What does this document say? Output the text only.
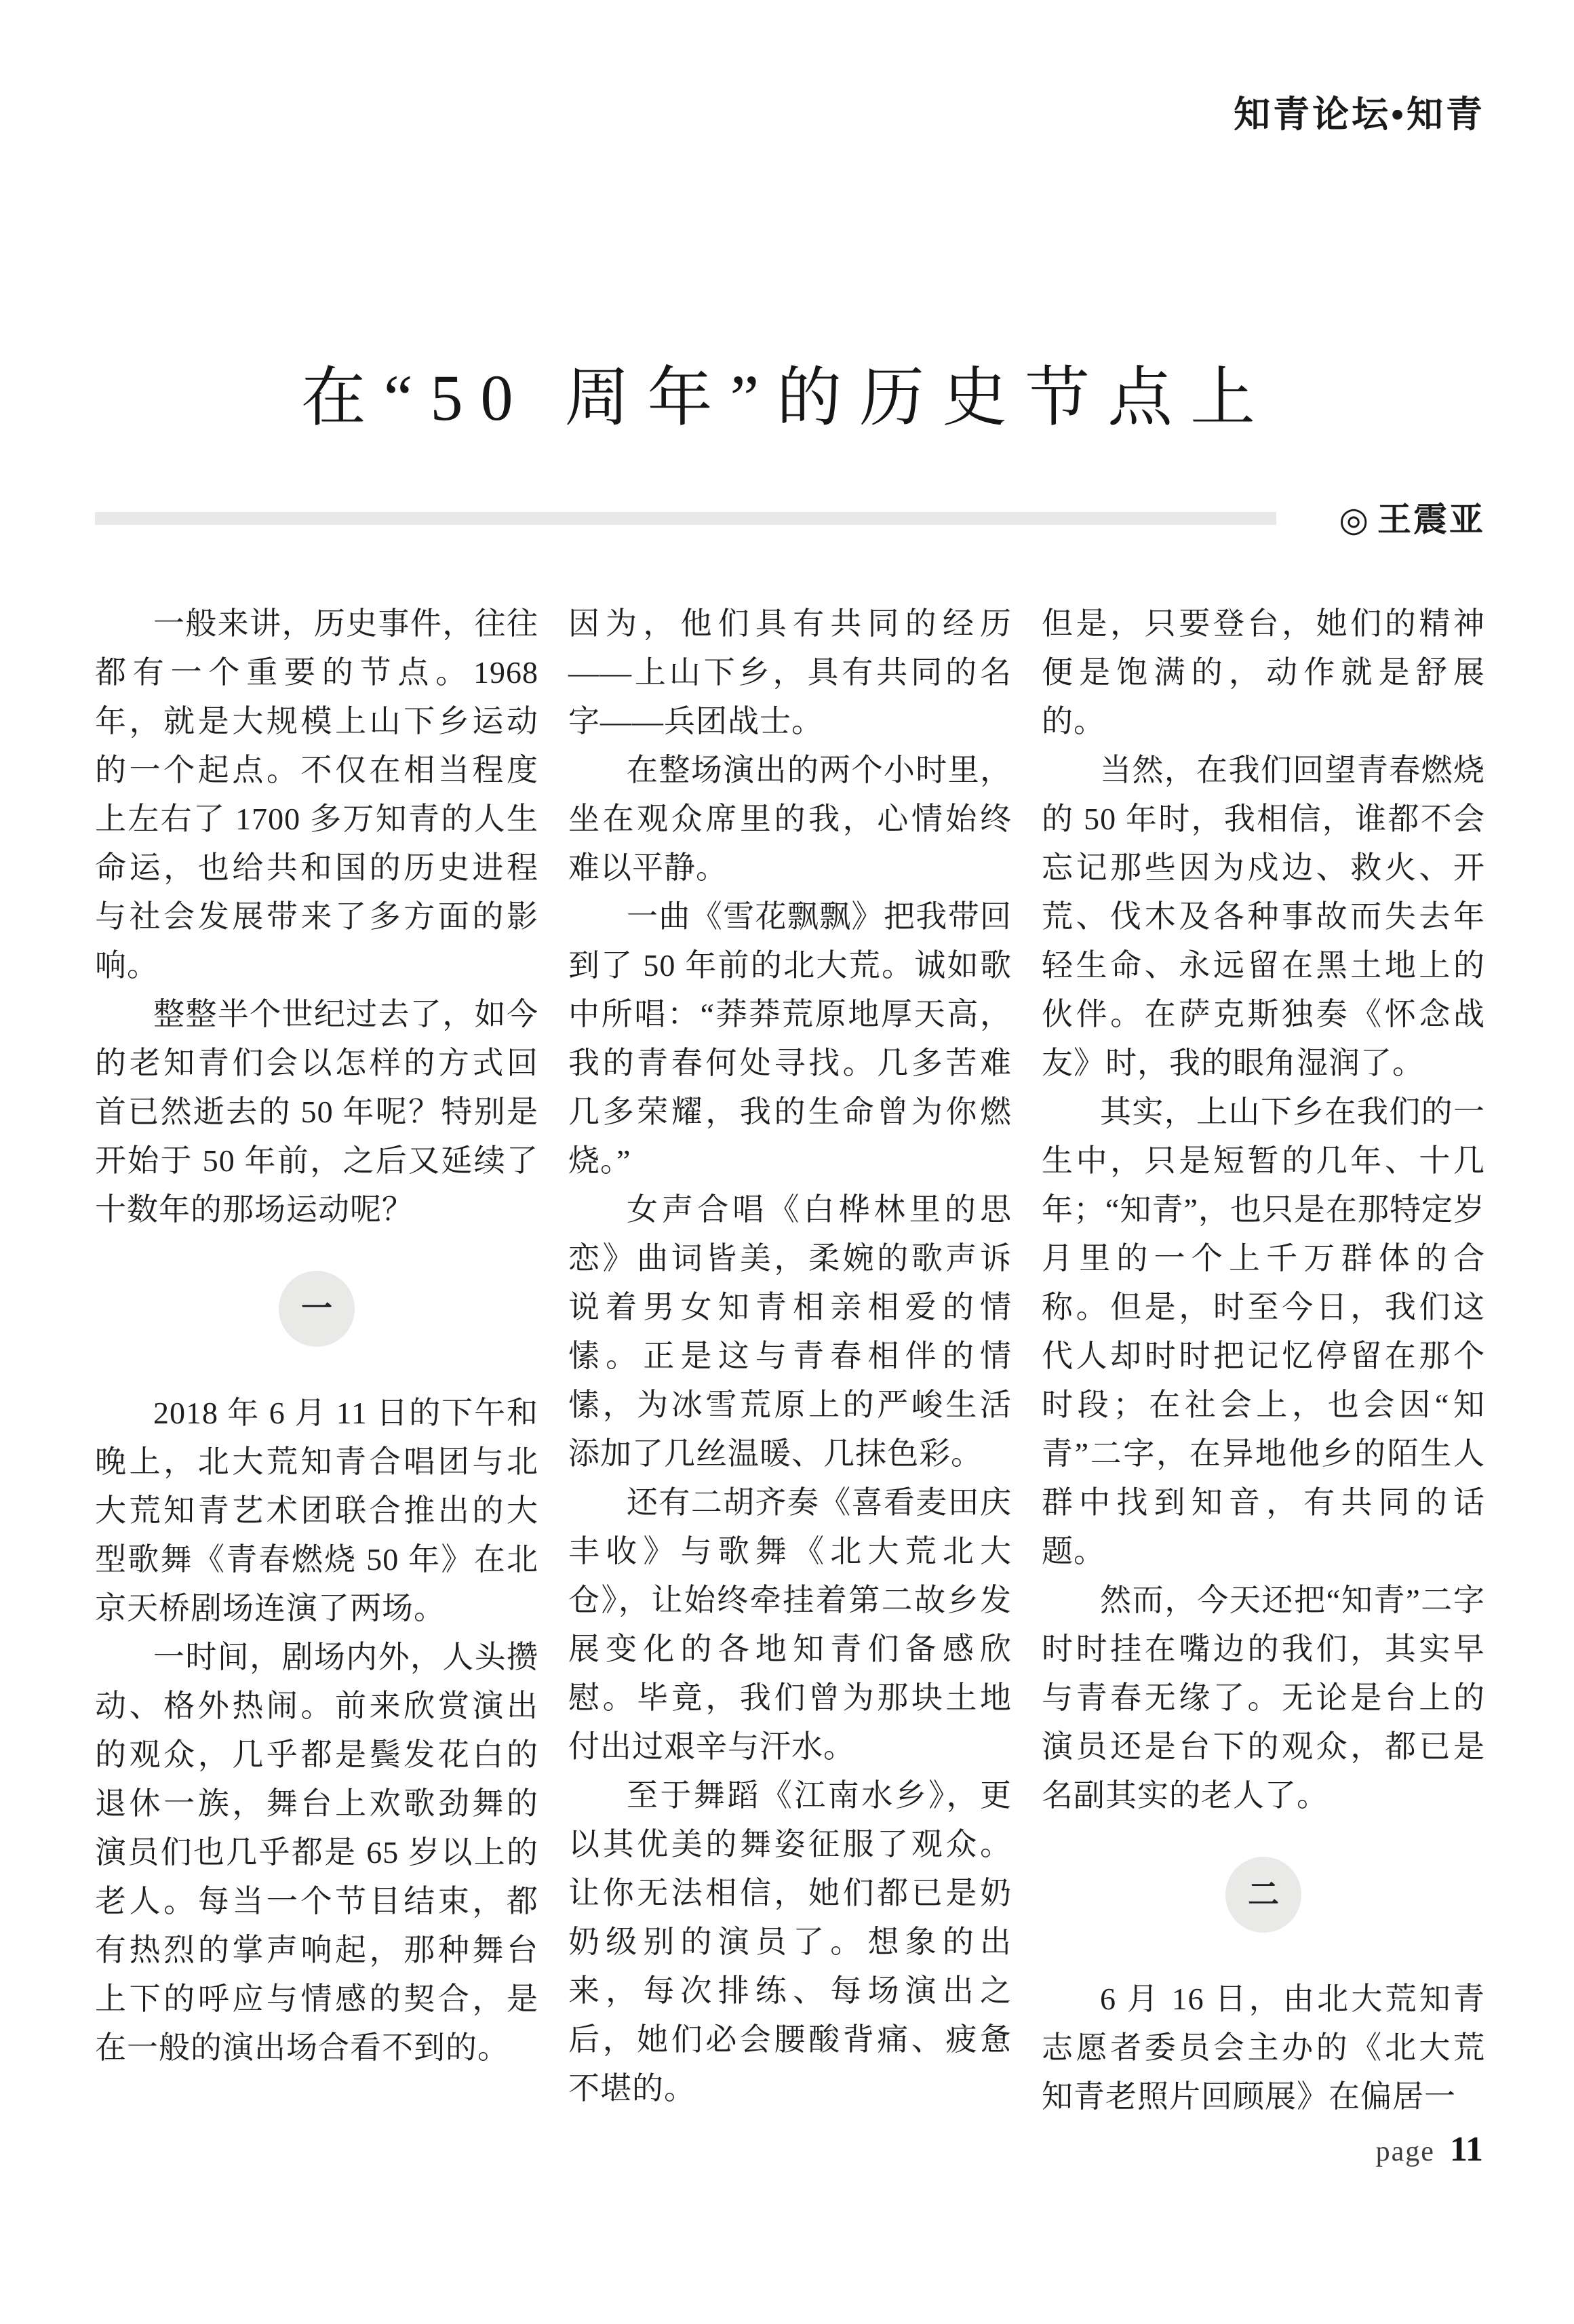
知青论坛•知青
在“50 周年”的历史节点上
◎ 王震亚

一般来讲，历史事件，往往都有一个重要的节点。1968 年，就是大规模上山下乡运动的一个起点。不仅在相当程度上左右了 1700 多万知青的人生命运，也给共和国的历史进程与社会发展带来了多方面的影响。

整整半个世纪过去了，如今的老知青们会以怎样的方式回首已然逝去的 50 年呢？特别是开始于 50 年前，之后又延续了十数年的那场运动呢？

一

2018 年 6 月 11 日的下午和晚上，北大荒知青合唱团与北大荒知青艺术团联合推出的大型歌舞《青春燃烧 50 年》在北京天桥剧场连演了两场。

一时间，剧场内外，人头攒动、格外热闹。前来欣赏演出的观众，几乎都是鬓发花白的退休一族，舞台上欢歌劲舞的演员们也几乎都是 65 岁以上的老人。每当一个节目结束，都有热烈的掌声响起，那种舞台上下的呼应与情感的契合，是在一般的演出场合看不到的。

因为，他们具有共同的经历——上山下乡，具有共同的名字——兵团战士。

在整场演出的两个小时里，坐在观众席里的我，心情始终难以平静。

一曲《雪花飘飘》把我带回到了 50 年前的北大荒。诚如歌中所唱：“莽莽荒原地厚天高，我的青春何处寻找。几多苦难几多荣耀，我的生命曾为你燃烧。”

女声合唱《白桦林里的思恋》曲词皆美，柔婉的歌声诉说着男女知青相亲相爱的情愫。正是这与青春相伴的情愫，为冰雪荒原上的严峻生活添加了几丝温暖、几抹色彩。

还有二胡齐奏《喜看麦田庆丰收》与歌舞《北大荒北大仓》，让始终牵挂着第二故乡发展变化的各地知青们备感欣慰。毕竟，我们曾为那块土地付出过艰辛与汗水。

至于舞蹈《江南水乡》，更以其优美的舞姿征服了观众。让你无法相信，她们都已是奶奶级别的演员了。想象的出来，每次排练、每场演出之后，她们必会腰酸背痛、疲惫不堪的。

但是，只要登台，她们的精神便是饱满的，动作就是舒展的。

当然，在我们回望青春燃烧的 50 年时，我相信，谁都不会忘记那些因为戍边、救火、开荒、伐木及各种事故而失去年轻生命、永远留在黑土地上的伙伴。在萨克斯独奏《怀念战友》时，我的眼角湿润了。

其实，上山下乡在我们的一生中，只是短暂的几年、十几年；“知青”，也只是在那特定岁月里的一个上千万群体的合称。但是，时至今日，我们这代人却时时把记忆停留在那个时段；在社会上，也会因“知青”二字，在异地他乡的陌生人群中找到知音，有共同的话题。

然而，今天还把“知青”二字时时挂在嘴边的我们，其实早与青春无缘了。无论是台上的演员还是台下的观众，都已是名副其实的老人了。

二

6 月 16 日，由北大荒知青志愿者委员会主办的《北大荒知青老照片回顾展》在偏居一

page 11
